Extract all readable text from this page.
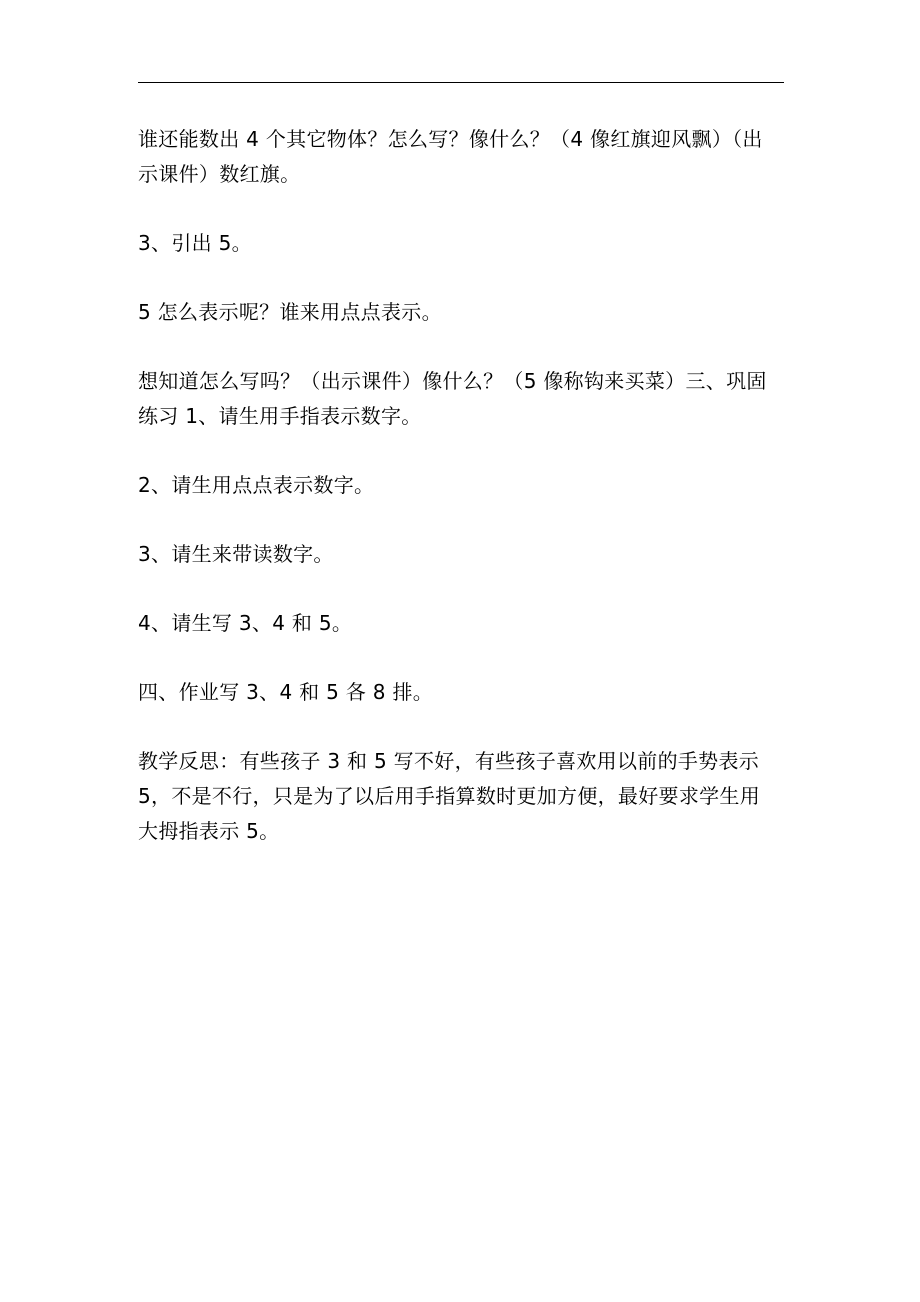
谁还能数出 4 个其它物体？怎么写？像什么？（4 像红旗迎风飘）（出
示课件）数红旗。

3、引出 5。

5 怎么表示呢？谁来用点点表示。

想知道怎么写吗？（出示课件）像什么？（5 像称钩来买菜）三、巩固
练习 1、请生用手指表示数字。

2、请生用点点表示数字。

3、请生来带读数字。

4、请生写 3、4 和 5。

四、作业写 3、4 和 5 各 8 排。

教学反思：有些孩子 3 和 5 写不好，有些孩子喜欢用以前的手势表示
5，不是不行，只是为了以后用手指算数时更加方便，最好要求学生用
大拇指表示 5。
